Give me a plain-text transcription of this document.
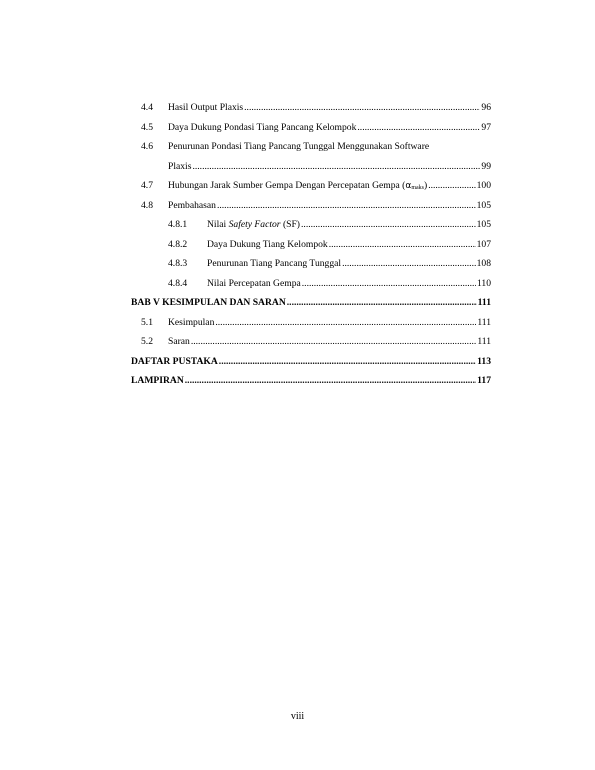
4.4	Hasil Output Plaxis .....	96
4.5	Daya Dukung Pondasi Tiang Pancang Kelompok .....	97
4.6	Penurunan Pondasi Tiang Pancang Tunggal Menggunakan Software
Plaxis .....	99
4.7	Hubungan Jarak Sumber Gempa Dengan Percepatan Gempa $(\alpha_{maks})$ .....	100
4.8	Pembahasan .....	105
4.8.1	Nilai Safety Factor (SF) .....	105
4.8.2	Daya Dukung Tiang Kelompok .....	107
4.8.3	Penurunan Tiang Pancang Tunggal .....	108
4.8.4	Nilai Percepatan Gempa .....	110
BAB V KESIMPULAN DAN SARAN .....	111
5.1	Kesimpulan .....	111
5.2	Saran .....	111
DAFTAR PUSTAKA .....	113
LAMPIRAN .....	117
viii
